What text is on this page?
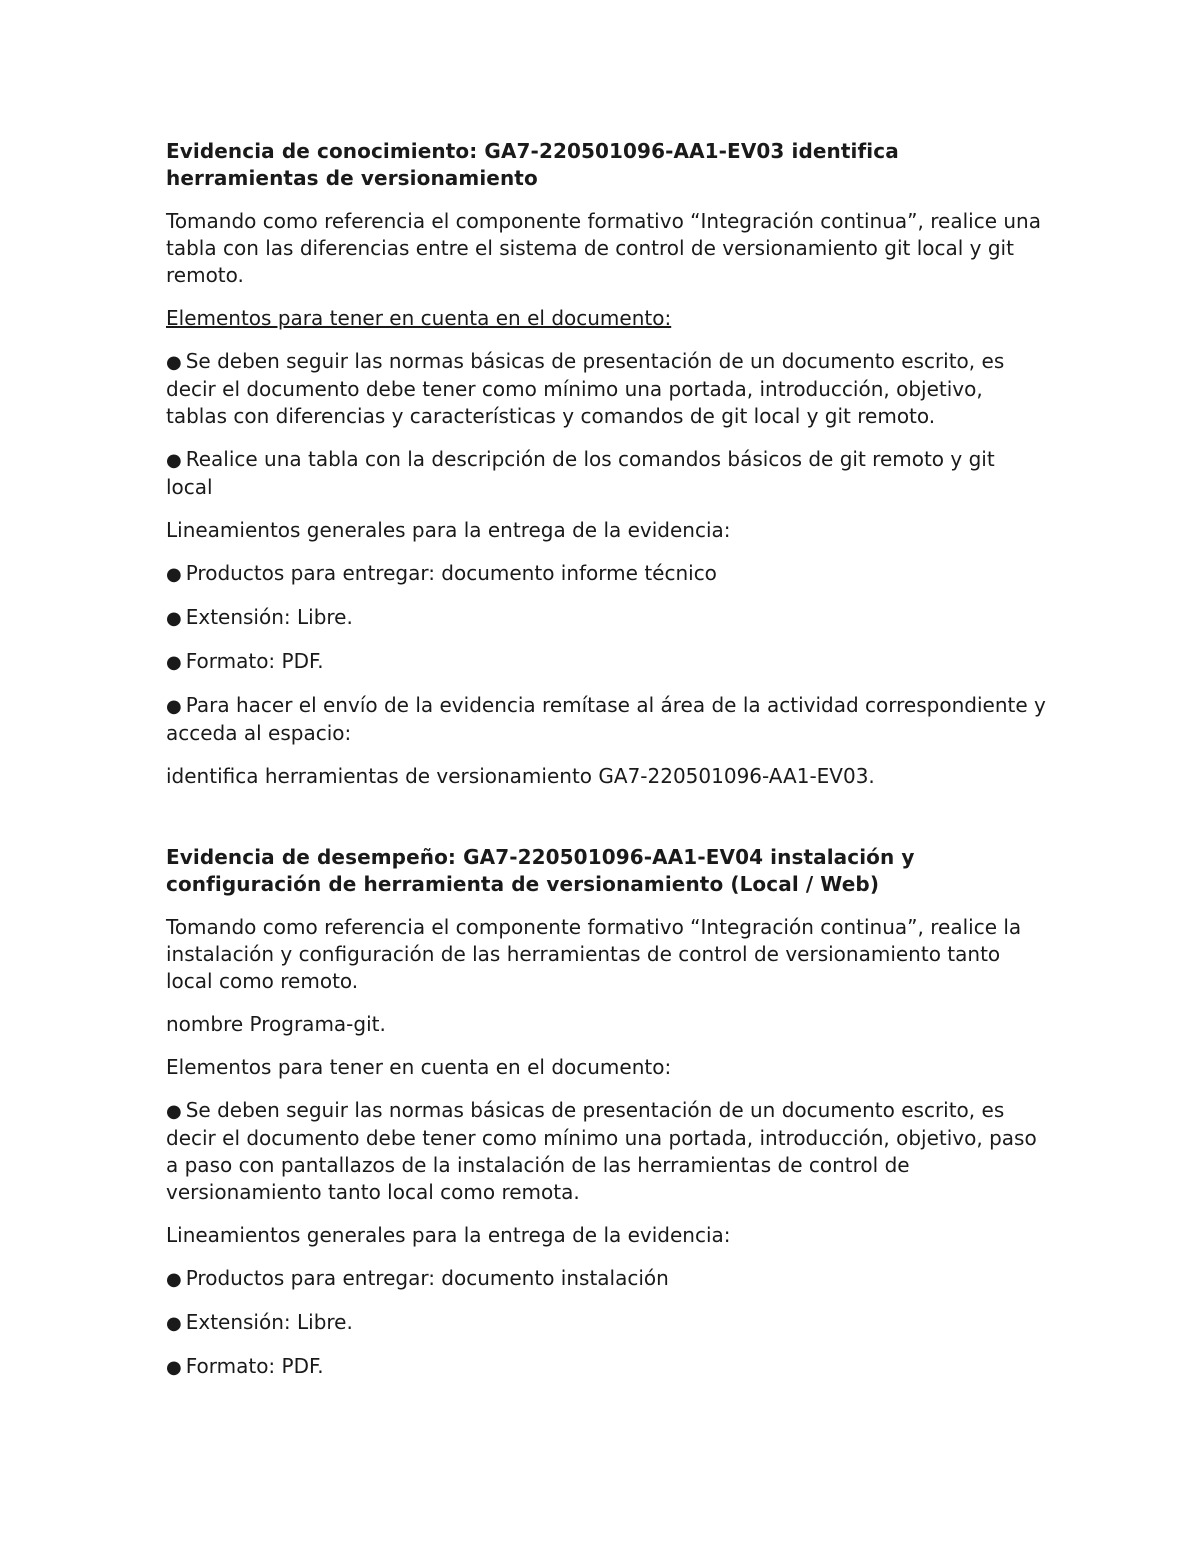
Evidencia de conocimiento: GA7-220501096-AA1-EV03 identifica herramientas de versionamiento
Tomando como referencia el componente formativo “Integración continua”, realice una tabla con las diferencias entre el sistema de control de versionamiento git local y git remoto.
Elementos para tener en cuenta en el documento:
● Se deben seguir las normas básicas de presentación de un documento escrito, es decir el documento debe tener como mínimo una portada, introducción, objetivo, tablas con diferencias y características y comandos de git local y git remoto.
● Realice una tabla con la descripción de los comandos básicos de git remoto y git local
Lineamientos generales para la entrega de la evidencia:
● Productos para entregar: documento informe técnico
● Extensión: Libre.
● Formato: PDF.
● Para hacer el envío de la evidencia remítase al área de la actividad correspondiente y acceda al espacio:
identifica herramientas de versionamiento GA7-220501096-AA1-EV03.
Evidencia de desempeño: GA7-220501096-AA1-EV04 instalación y configuración de herramienta de versionamiento (Local / Web)
Tomando como referencia el componente formativo “Integración continua”, realice la instalación y configuración de las herramientas de control de versionamiento tanto local como remoto.
nombre Programa-git.
Elementos para tener en cuenta en el documento:
● Se deben seguir las normas básicas de presentación de un documento escrito, es decir el documento debe tener como mínimo una portada, introducción, objetivo, paso a paso con pantallazos de la instalación de las herramientas de control de versionamiento tanto local como remota.
Lineamientos generales para la entrega de la evidencia:
● Productos para entregar: documento instalación
● Extensión: Libre.
● Formato: PDF.
